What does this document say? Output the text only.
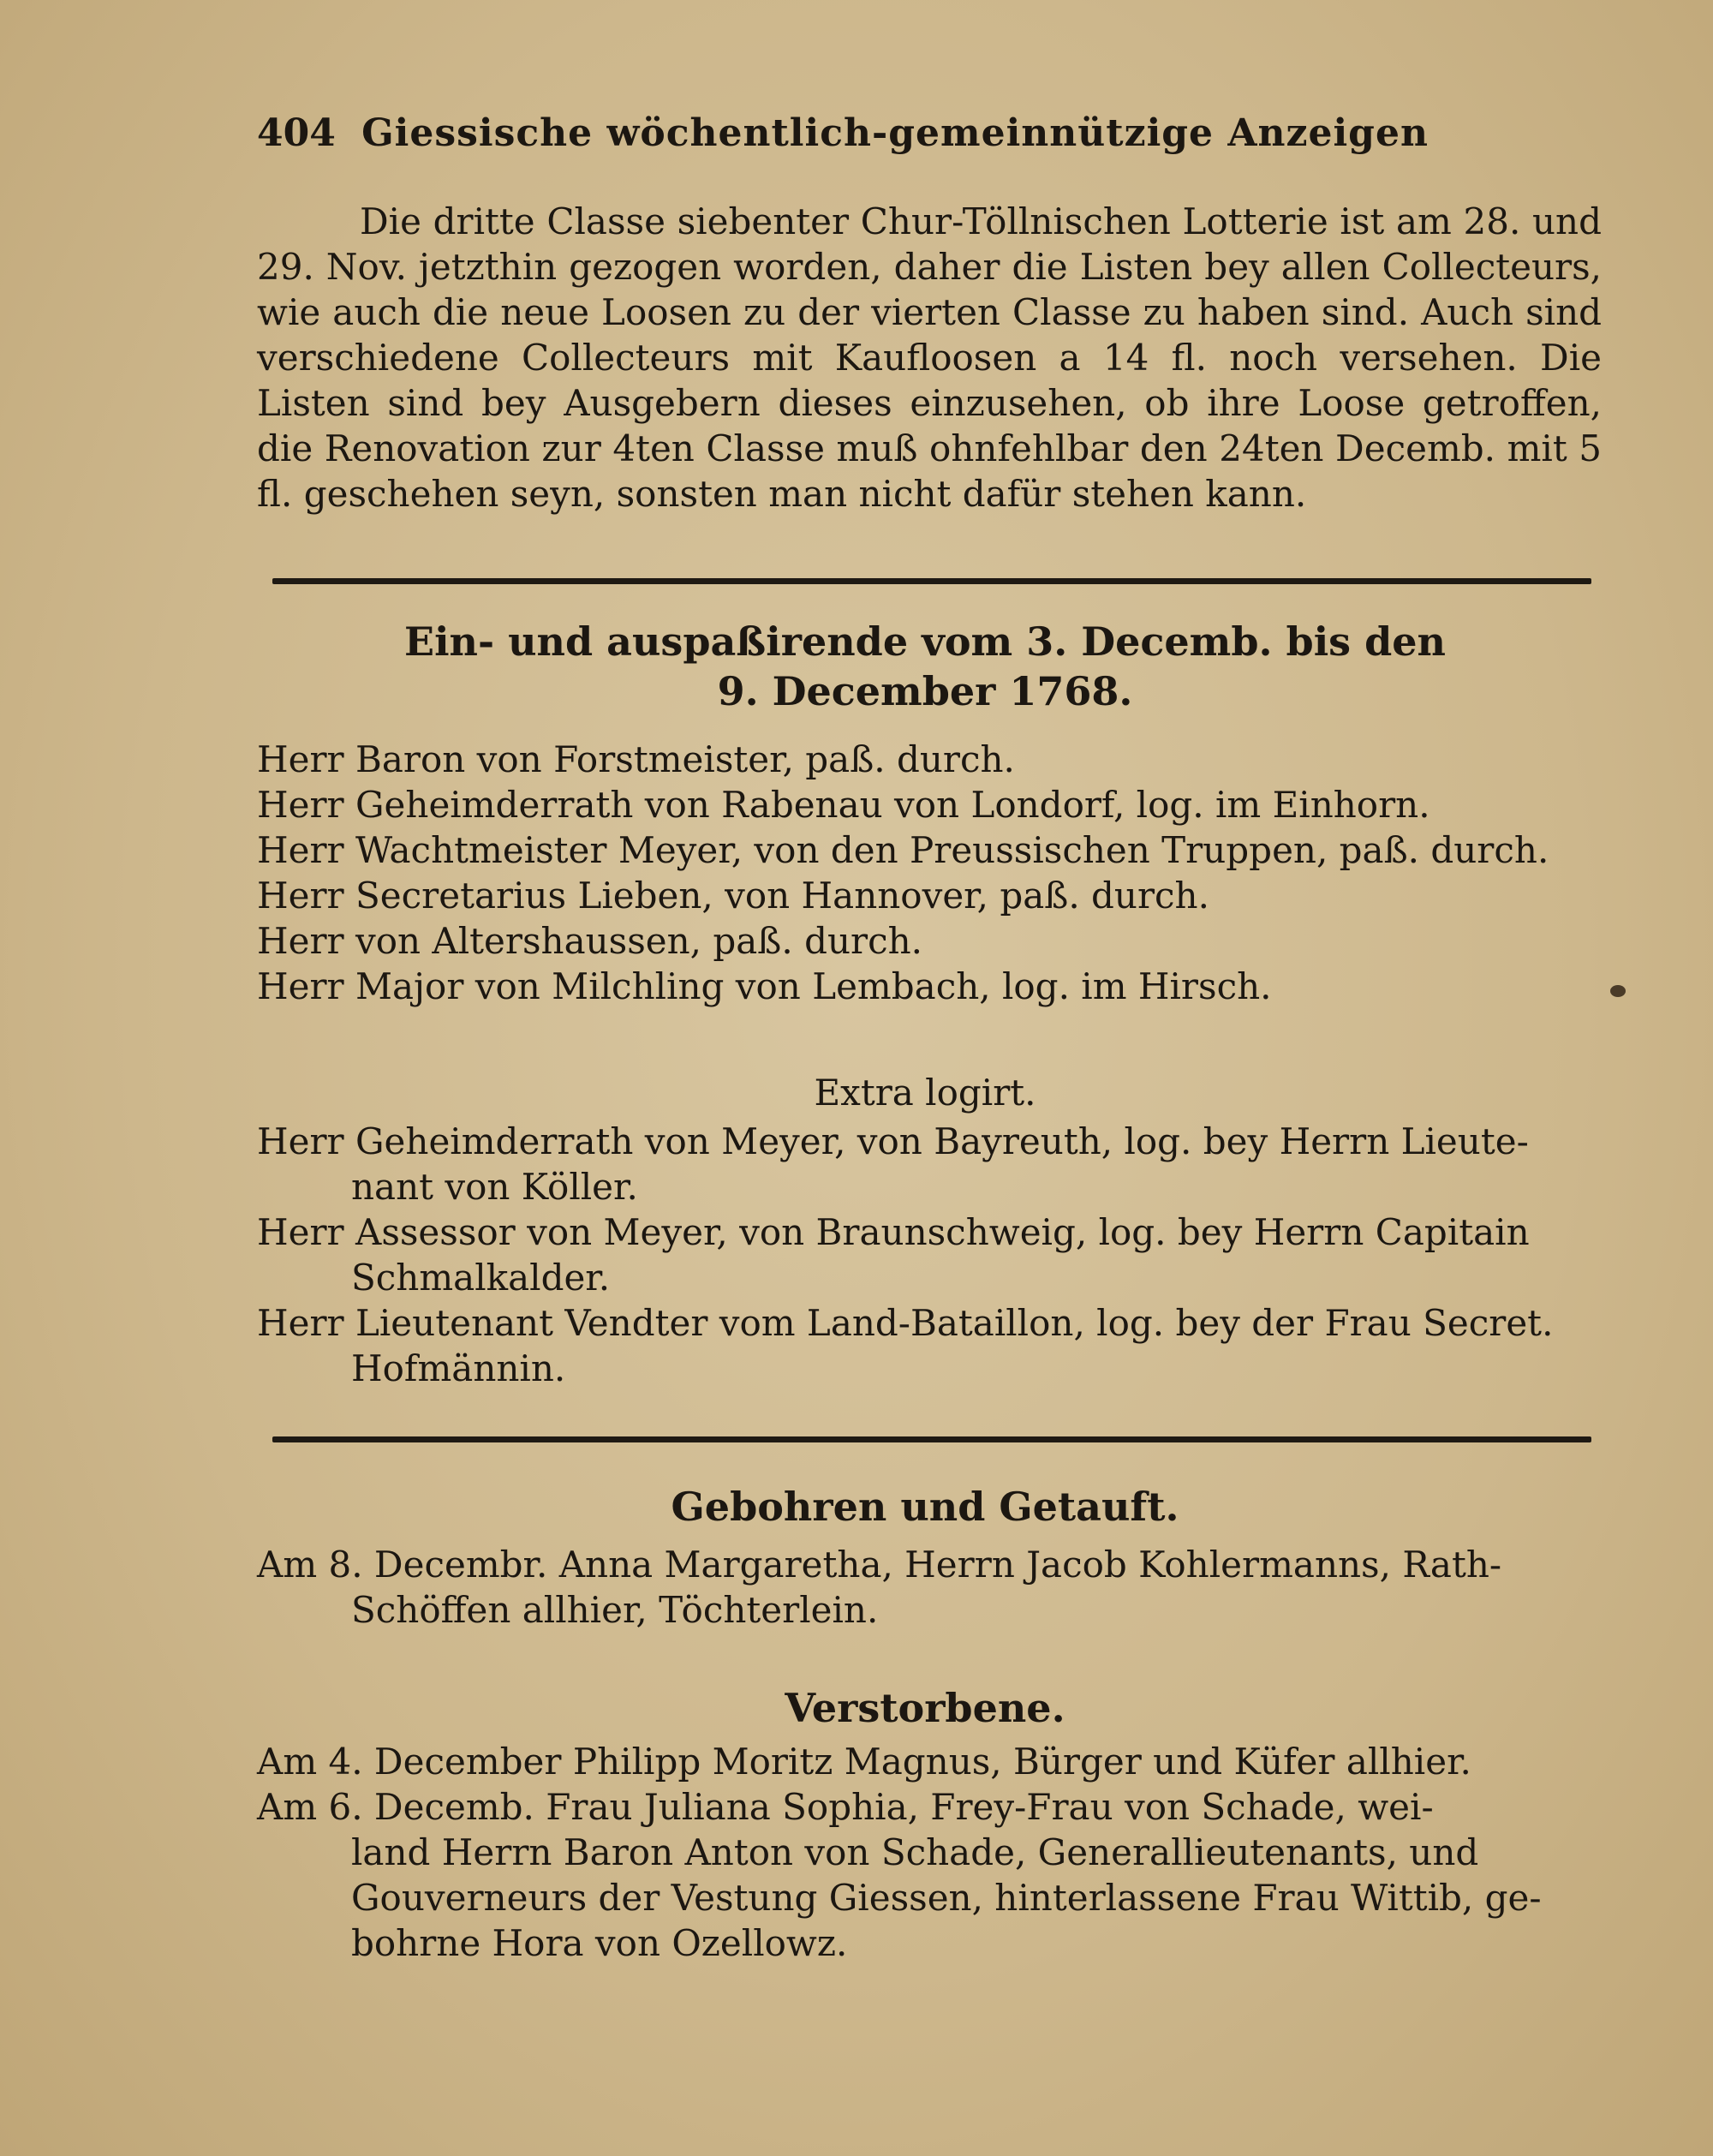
404 Giessische wöchentlich-gemeinnützige Anzeigen

Die dritte Classe siebenter Chur-Töllnischen Lotterie ist am 28. und 29. Nov. jetzthin gezogen worden, daher die Listen bey allen Collecteurs, wie auch die neue Loosen zu der vierten Classe zu haben sind. Auch sind verschiedene Collecteurs mit Kaufloosen a 14 fl. noch versehen. Die Listen sind bey Ausgebern dieses einzusehen, ob ihre Loose getroffen, die Renovation zur 4ten Classe muß ohnfehlbar den 24ten Decemb. mit 5 fl. geschehen seyn, sonsten man nicht dafür stehen kann.

Ein- und auspaßirende vom 3. Decemb. bis den
9. December 1768.
Herr Baron von Forstmeister, paß. durch.
Herr Geheimderrath von Rabenau von Londorf, log. im Einhorn.
Herr Wachtmeister Meyer, von den Preussischen Truppen, paß. durch.
Herr Secretarius Lieben, von Hannover, paß. durch.
Herr von Altershaussen, paß. durch.
Herr Major von Milchling von Lembach, log. im Hirsch.
Extra logirt.
Herr Geheimderrath von Meyer, von Bayreuth, log. bey Herrn Lieute-
nant von Köller.
Herr Assessor von Meyer, von Braunschweig, log. bey Herrn Capitain
Schmalkalder.
Herr Lieutenant Vendter vom Land-Bataillon, log. bey der Frau Secret.
Hofmännin.
Gebohren und Getauft.
Am 8. Decembr. Anna Margaretha, Herrn Jacob Kohlermanns, Rath-
Schöffen allhier, Töchterlein.
Verstorbene.
Am 4. December Philipp Moritz Magnus, Bürger und Küfer allhier.
Am 6. Decemb. Frau Juliana Sophia, Frey-Frau von Schade, wei-
land Herrn Baron Anton von Schade, Generallieutenants, und
Gouverneurs der Vestung Giessen, hinterlassene Frau Wittib, ge-
bohrne Hora von Ozellowz.
